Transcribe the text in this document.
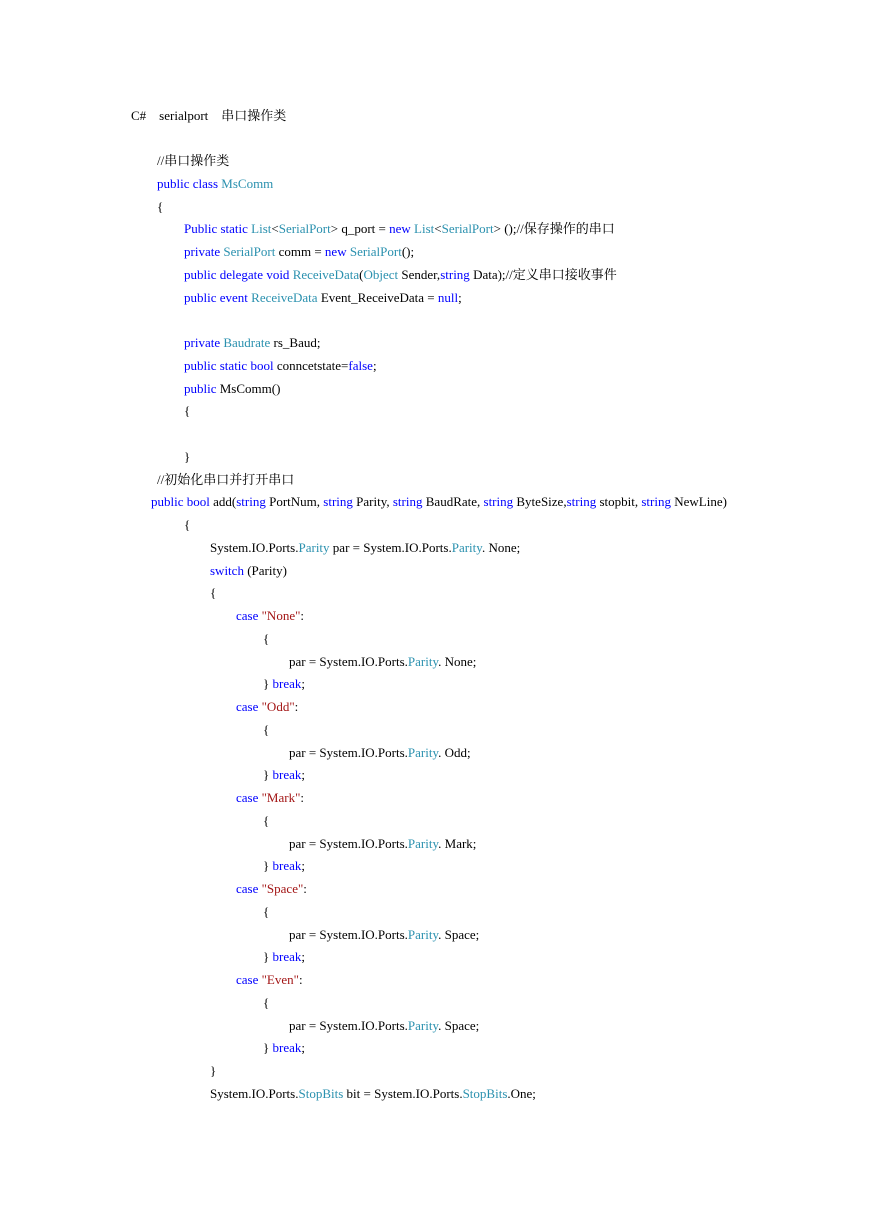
C#    serialport    串口操作类
//串口操作类
public class MsComm
{
Public static List<SerialPort> q_port = new List<SerialPort> ();//保存操作的串口
private SerialPort comm = new SerialPort();
public delegate void ReceiveData(Object Sender,string Data);//定义串口接收事件
public event ReceiveData Event_ReceiveData = null;
private Baudrate rs_Baud;
public static bool conncetstate=false;
public MsComm()
{
}
//初始化串口并打开串口
public bool add(string PortNum, string Parity, string BaudRate, string ByteSize,string stopbit, string NewLine)
{
System.IO.Ports.Parity par = System.IO.Ports.Parity. None;
switch (Parity)
{
case "None":
{
par = System.IO.Ports.Parity. None;
} break;
case "Odd":
{
par = System.IO.Ports.Parity. Odd;
} break;
case "Mark":
{
par = System.IO.Ports.Parity. Mark;
} break;
case "Space":
{
par = System.IO.Ports.Parity. Space;
} break;
case "Even":
{
par = System.IO.Ports.Parity. Space;
} break;
}
System.IO.Ports.StopBits bit = System.IO.Ports.StopBits.One;
